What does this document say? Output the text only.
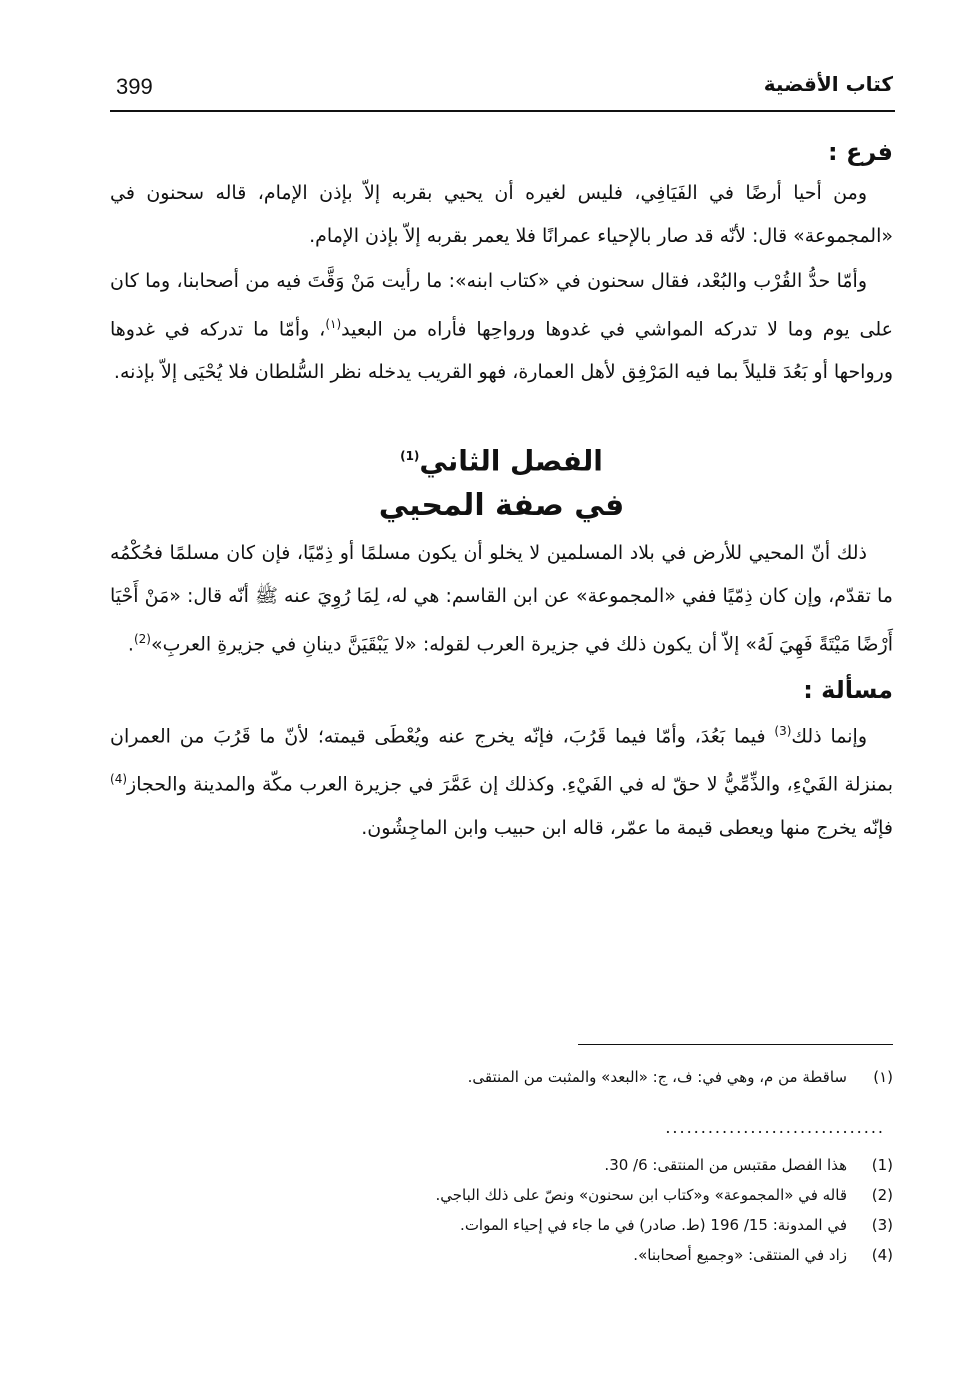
399	كتاب الأقضية
فرع :

ومن أحيا أرضًا في الفَيَافِي، فليس لغيره أن يحيي بقربه إلاّ بإذن الإمام، قاله سحنون في «المجموعة» قال: لأنّه قد صار بالإحياء عمرانًا فلا يعمر بقربه إلاّ بإذن الإمام.

وأمّا حدُّ القُرْب والبُعْد، فقال سحنون في «كتاب ابنه»: ما رأيت مَنْ وَقَّتَ فيه من أصحابنا، وما كان على يوم وما لا تدركه المواشي في غدوها ورواحِها فأراه من البعيد$^{(١)}$، وأمّا ما تدركه في غدوها ورواحها أو بَعُدَ قليلاً بما فيه المَرْفِق لأهل العمارة، فهو القريب يدخله نظر السُّلطان فلا يُحْيَى إلاّ بإذنه.

الفصل الثاني$^{(1)}$
في صفة المحيي

ذلك أنّ المحيي للأرض في بلاد المسلمين لا يخلو أن يكون مسلمًا أو ذِمّيًا، فإن كان مسلمًا فحُكْمُه ما تقدّم، وإن كان ذِمّيًا ففي «المجموعة» عن ابن القاسم: هي له، لِمَا رُوِيَ عنه ﷺ أنّه قال: «مَنْ أَحْيَا أَرْضًا مَيْتَةً فَهِيَ لَهُ» إلاّ أن يكون ذلك في جزيرة العرب لقوله: «لا يَبْقَيَنَّ دينانِ في جزيرةِ العربِ»$^{(2)}$.

مسألة :

وإنما ذلك$^{(3)}$ فيما بَعُدَ، وأمّا فيما قَرُبَ، فإنّه يخرج عنه ويُعْطَى قيمته؛ لأنّ ما قَرُبَ من العمران بمنزلة الفَيْءِ، والذِّمِّيُّ لا حقّ له في الفَيْءِ. وكذلك إن عَمَّرَ في جزيرة العرب مكّة والمدينة والحجاز$^{(4)}$ فإنّه يخرج منها ويعطى قيمة ما عمّر، قاله ابن حبيب وابن الماجِشُون.

(١)
ساقطة من م، وهي في: ف، ج: «البعد» والمثبت من المنتقى.
...............................
(1)
هذا الفصل مقتبس من المنتقى: 6/ 30.
(2)
قاله في «المجموعة» و«كتاب ابن سحنون» ونصّ على ذلك الباجي.
(3)
في المدونة: 15/ 196 (ط. صادر) في ما جاء في إحياء الموات.
(4)
زاد في المنتقى: «وجميع أصحابنا».
